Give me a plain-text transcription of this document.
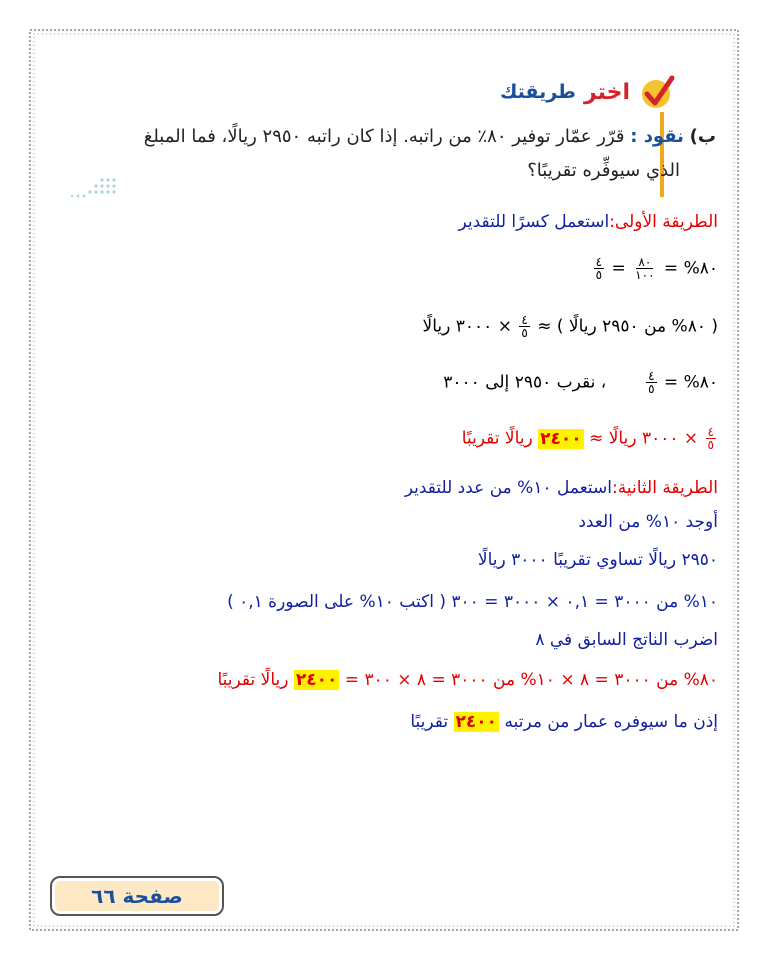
اختر
طريقتك
ب) نقود : قرّر عمّار توفير ٨٠٪ من راتبه. إذا كان راتبه ٢٩٥٠ ريالًا، فما المبلغ
الذي سيوفِّره تقريبًا؟
الطريقة الأولى:استعمل كسرًا للتقدير
٨٠% =
$\frac{٨٠}{١٠٠}$
=
$\frac{٤}{٥}$
( ٨٠% من ٢٩٥٠ ريالًا ) ≈
$\frac{٤}{٥}$
× ٣٠٠٠ ريالًا
٨٠% =
$\frac{٤}{٥}$
، نقرب ٢٩٥٠ إلى ٣٠٠٠
$\frac{٤}{٥}$
× ٣٠٠٠ ريالًا ≈ ٢٤٠٠ ريالًا تقريبًا
الطريقة الثانية:استعمل ١٠% من عدد للتقدير
أوجد ١٠% من العدد
٢٩٥٠ ريالًا تساوي تقريبًا ٣٠٠٠ ريالًا
١٠% من ٣٠٠٠ = ٠,١ × ٣٠٠٠ = ٣٠٠ ( اكتب ١٠% على الصورة ٠,١ )
اضرب الناتج السابق في ٨
٨٠% من ٣٠٠٠ = ٨ × ١٠% من ٣٠٠٠ = ٨ × ٣٠٠ = ٢٤٠٠ ريالًا تقريبًا
إذن ما سيوفره عمار من مرتبه ٢٤٠٠ تقريبًا
صفحة ٦٦
